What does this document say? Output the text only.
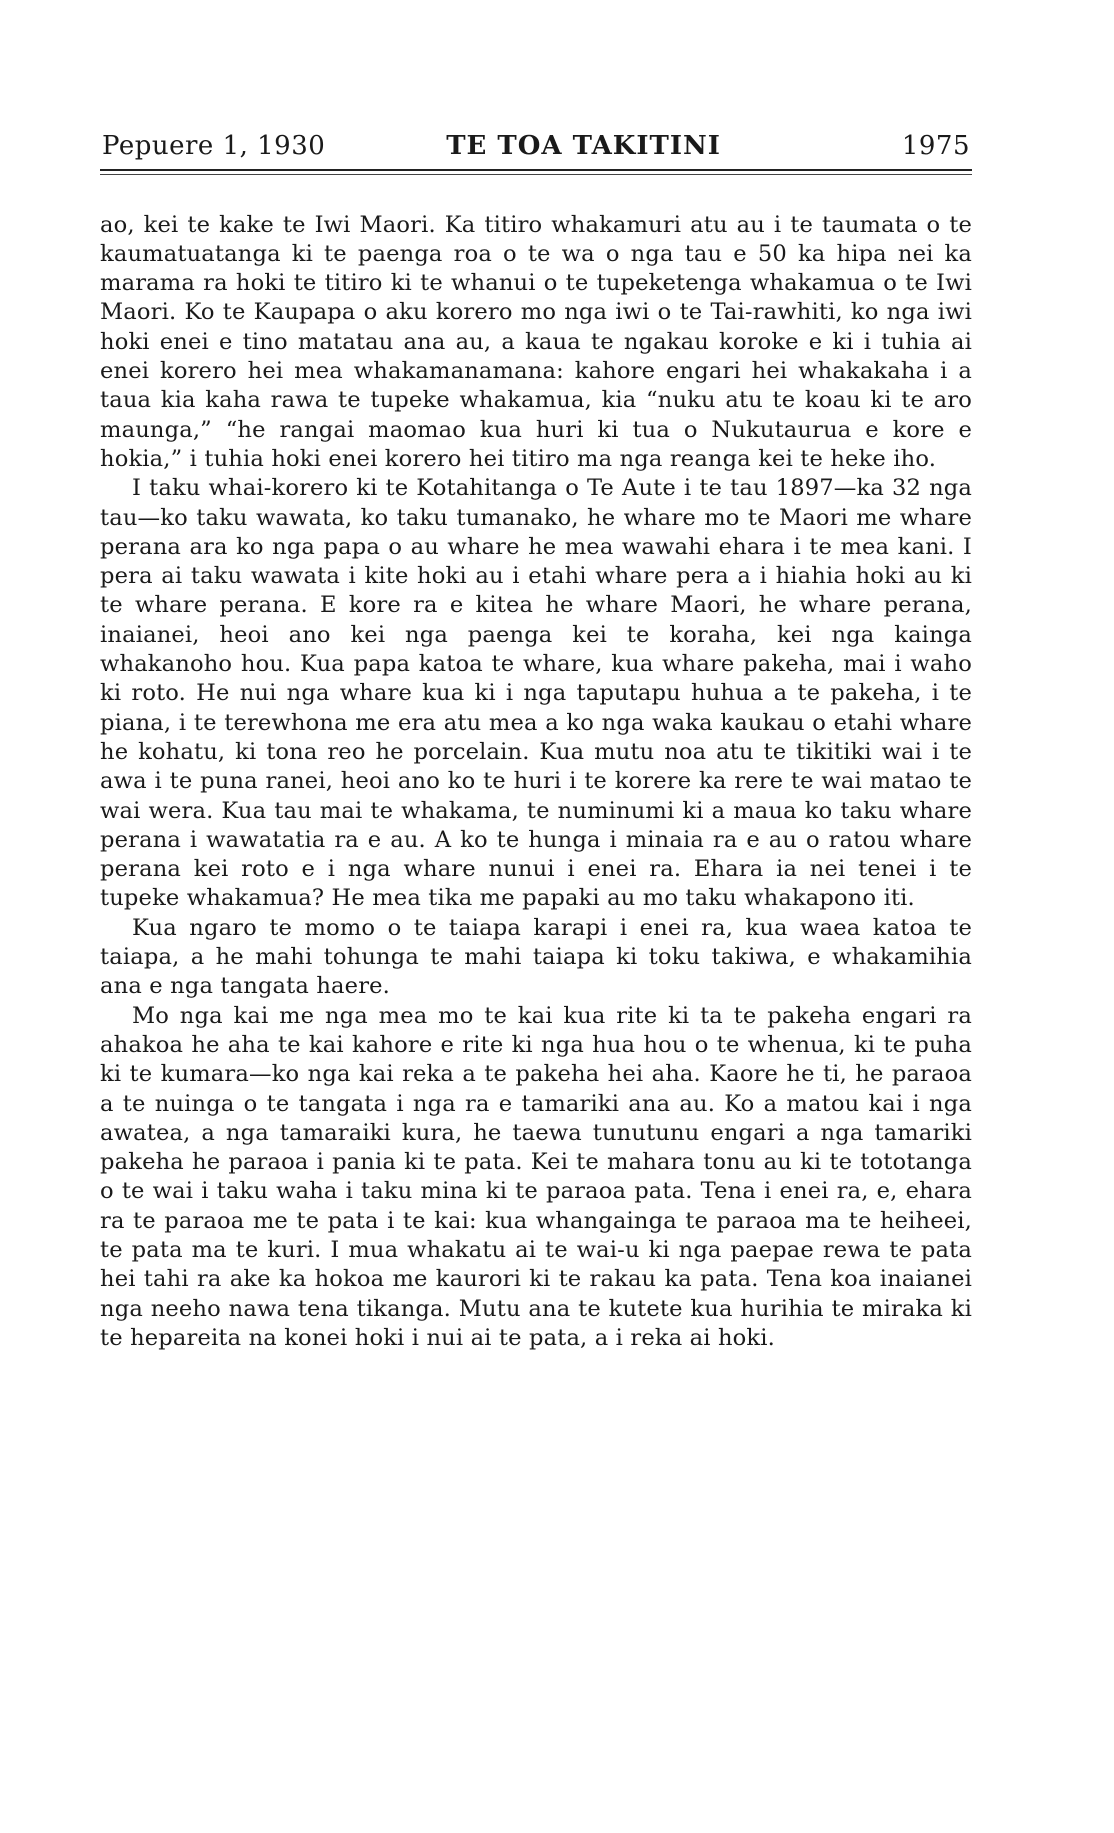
Pepuere 1, 1930	TE TOA TAKITINI	1975

ao, kei te kake te Iwi Maori. Ka titiro whakamuri atu au i te taumata o te kaumatuatanga ki te paenga roa o te wa o nga tau e 50 ka hipa nei ka marama ra hoki te titiro ki te whanui o te tupeketenga whakamua o te Iwi Maori. Ko te Kaupapa o aku korero mo nga iwi o te Tai-rawhiti, ko nga iwi hoki enei e tino matatau ana au, a kaua te ngakau koroke e ki i tuhia ai enei korero hei mea whakamanamana: kahore engari hei whakakaha i a taua kia kaha rawa te tupeke whakamua, kia “nuku atu te koau ki te aro maunga,” “he rangai maomao kua huri ki tua o Nukutaurua e kore e hokia,” i tuhia hoki enei korero hei titiro ma nga reanga kei te heke iho.

I taku whai-korero ki te Kotahitanga o Te Aute i te tau 1897—ka 32 nga tau—ko taku wawata, ko taku tumanako, he whare mo te Maori me whare perana ara ko nga papa o au whare he mea wawahi ehara i te mea kani. I pera ai taku wawata i kite hoki au i etahi whare pera a i hiahia hoki au ki te whare perana. E kore ra e kitea he whare Maori, he whare perana, inaianei, heoi ano kei nga paenga kei te koraha, kei nga kainga whakanoho hou. Kua papa katoa te whare, kua whare pakeha, mai i waho ki roto. He nui nga whare kua ki i nga taputapu huhua a te pakeha, i te piana, i te terewhona me era atu mea a ko nga waka kaukau o etahi whare he kohatu, ki tona reo he porcelain. Kua mutu noa atu te tikitiki wai i te awa i te puna ranei, heoi ano ko te huri i te korere ka rere te wai matao te wai wera. Kua tau mai te whakama, te numinumi ki a maua ko taku whare perana i wawatatia ra e au. A ko te hunga i minaia ra e au o ratou whare perana kei roto e i nga whare nunui i enei ra. Ehara ia nei tenei i te tupeke whakamua? He mea tika me papaki au mo taku whakapono iti.

Kua ngaro te momo o te taiapa karapi i enei ra, kua waea katoa te taiapa, a he mahi tohunga te mahi taiapa ki toku takiwa, e whakamihia ana e nga tangata haere.

Mo nga kai me nga mea mo te kai kua rite ki ta te pakeha engari ra ahakoa he aha te kai kahore e rite ki nga hua hou o te whenua, ki te puha ki te kumara—ko nga kai reka a te pakeha hei aha. Kaore he ti, he paraoa a te nuinga o te tangata i nga ra e tamariki ana au. Ko a matou kai i nga awatea, a nga tamaraiki kura, he taewa tunutunu engari a nga tamariki pakeha he paraoa i pania ki te pata. Kei te mahara tonu au ki te tototanga o te wai i taku waha i taku mina ki te paraoa pata. Tena i enei ra, e, ehara ra te paraoa me te pata i te kai: kua whangainga te paraoa ma te heiheei, te pata ma te kuri. I mua whakatu ai te wai-u ki nga paepae rewa te pata hei tahi ra ake ka hokoa me kaurori ki te rakau ka pata. Tena koa inaianei nga neeho nawa tena tikanga. Mutu ana te kutete kua hurihia te miraka ki te hepareita na konei hoki i nui ai te pata, a i reka ai hoki.
